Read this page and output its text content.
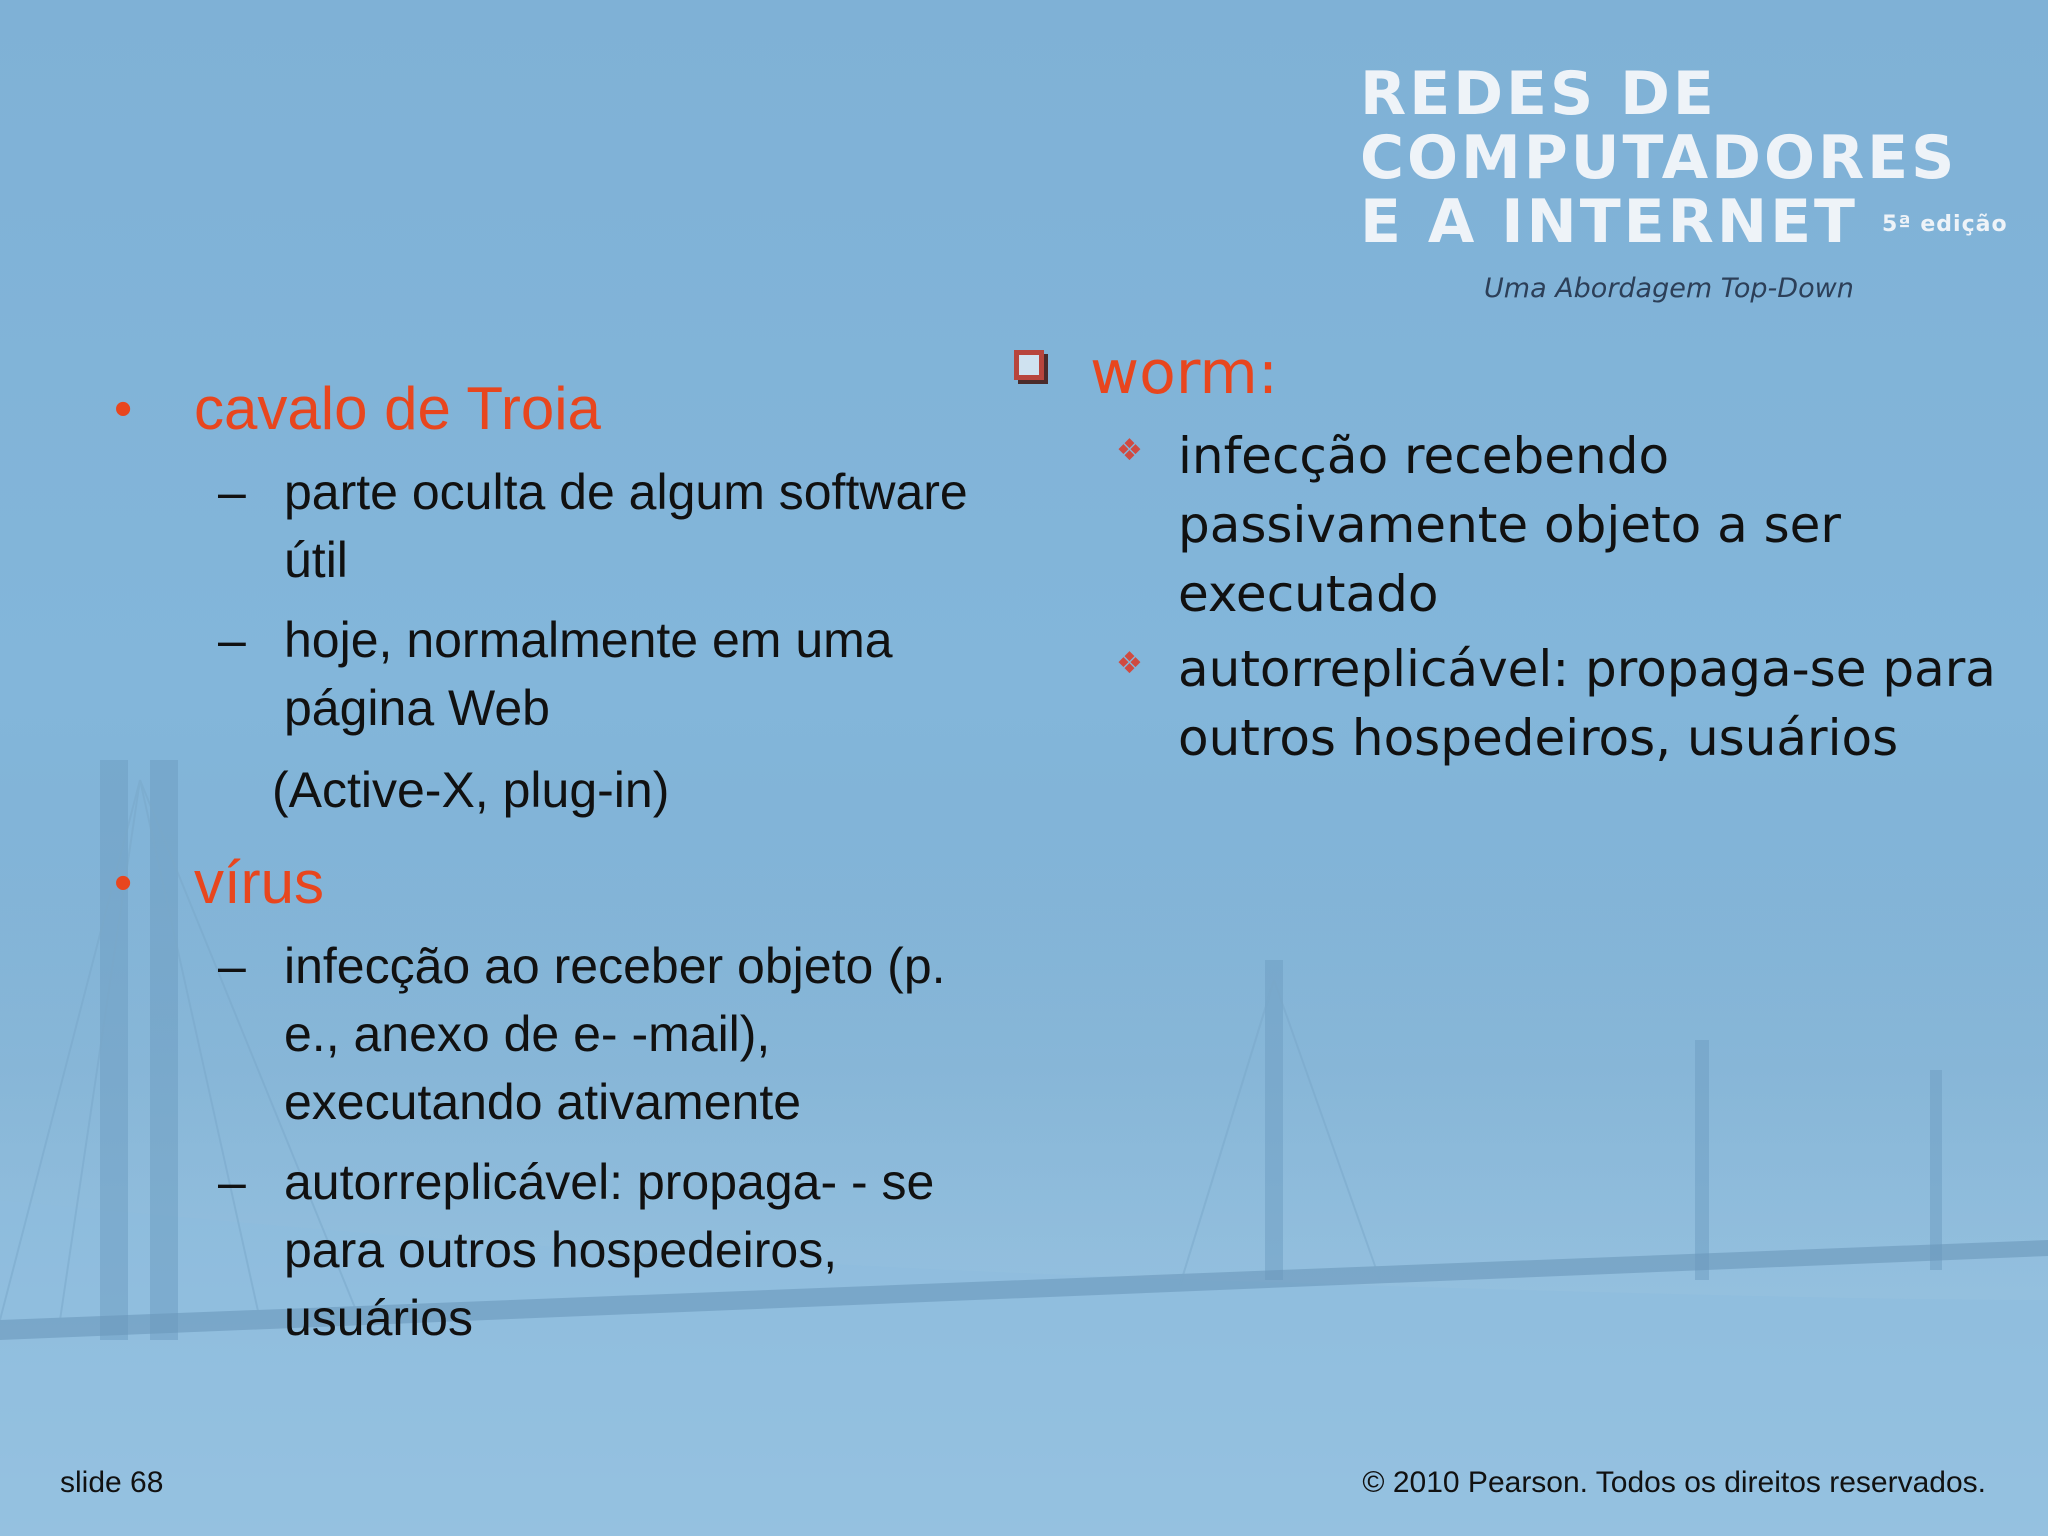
REDES DE
COMPUTADORES
E A INTERNET 5ª edição
Uma Abordagem Top-Down
• cavalo de Troia
– parte oculta de algum software útil
– hoje, normalmente em uma página Web
(Active-X, plug-in)
• vírus
– infecção ao receber objeto (p. e., anexo de e- -mail), executando ativamente
– autorreplicável: propaga- - se para outros hospedeiros, usuários
worm:
❖ infecção recebendo passivamente objeto a ser executado
❖ autorreplicável: propaga-se para outros hospedeiros, usuários
slide 68	© 2010 Pearson. Todos os direitos reservados.
